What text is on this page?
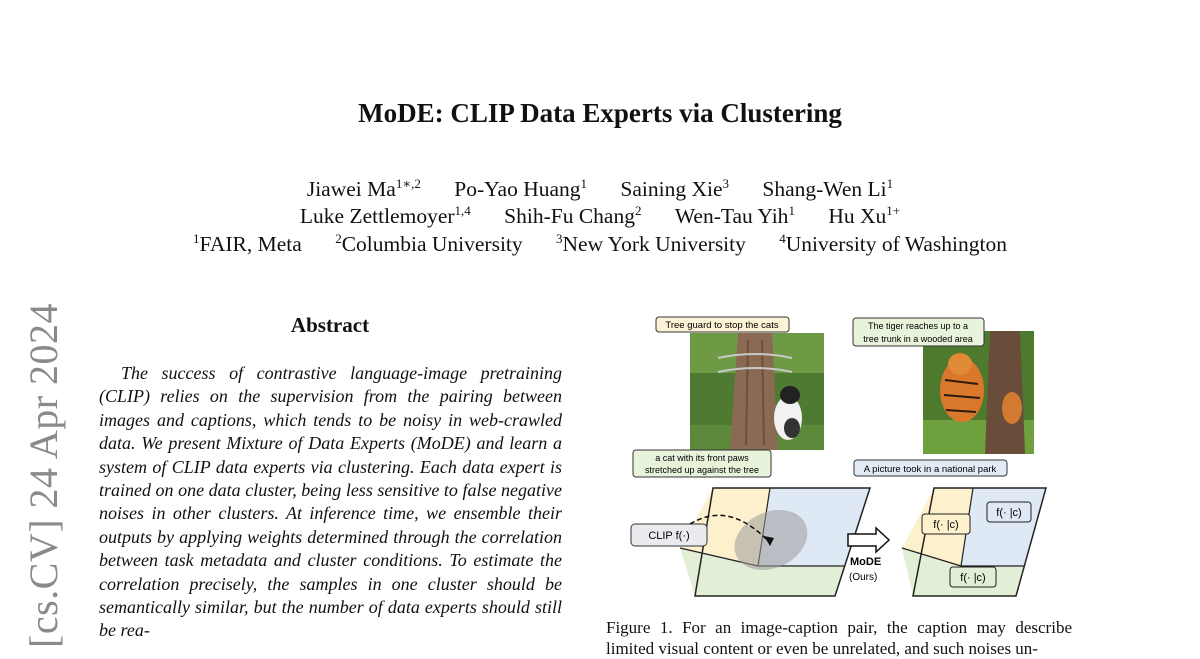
MoDE: CLIP Data Experts via Clustering
Jiawei $Ma^{1∗,2}$ Po-Yao Huang$^1$ Saining Xie$^3$ Shang-Wen Li$^1$
Luke Zettlemoyer$^{1,4}$ Shih-Fu Chang$^2$ Wen-Tau Yih$^1$ Hu $Xu^{1+}$
$^1$FAIR, Meta	$^2$Columbia University	$^3$New York University	$^4$University of Washington
[cs.CV] 24 Apr 2024	Abstract
The success of contrastive language-image pretraining (CLIP) relies on the supervision from the pairing between images and captions, which tends to be noisy in web-crawled data. We present Mixture of Data Experts (MoDE) and learn a system of CLIP data experts via clustering. Each data expert is trained on one data cluster, being less sensitive to false negative noises in other clusters. At inference time, we ensemble their outputs by applying weights determined through the correlation between task metadata and cluster conditions. To estimate the correlation precisely, the samples in one cluster should be semantically similar, but the number of data experts should still be rea-
Tree guard to stop the cats
a cat with its front paws
stretched up against the tree
The tiger reaches up to a
tree trunk in a wooded area
A picture took in a national park
CLIP f(·)
MoDE
(Ours)
f(· |c)
f(· |c)
f(· |c)
Figure 1. For an image-caption pair, the caption may describe limited visual content or even be unrelated, and such noises un-
